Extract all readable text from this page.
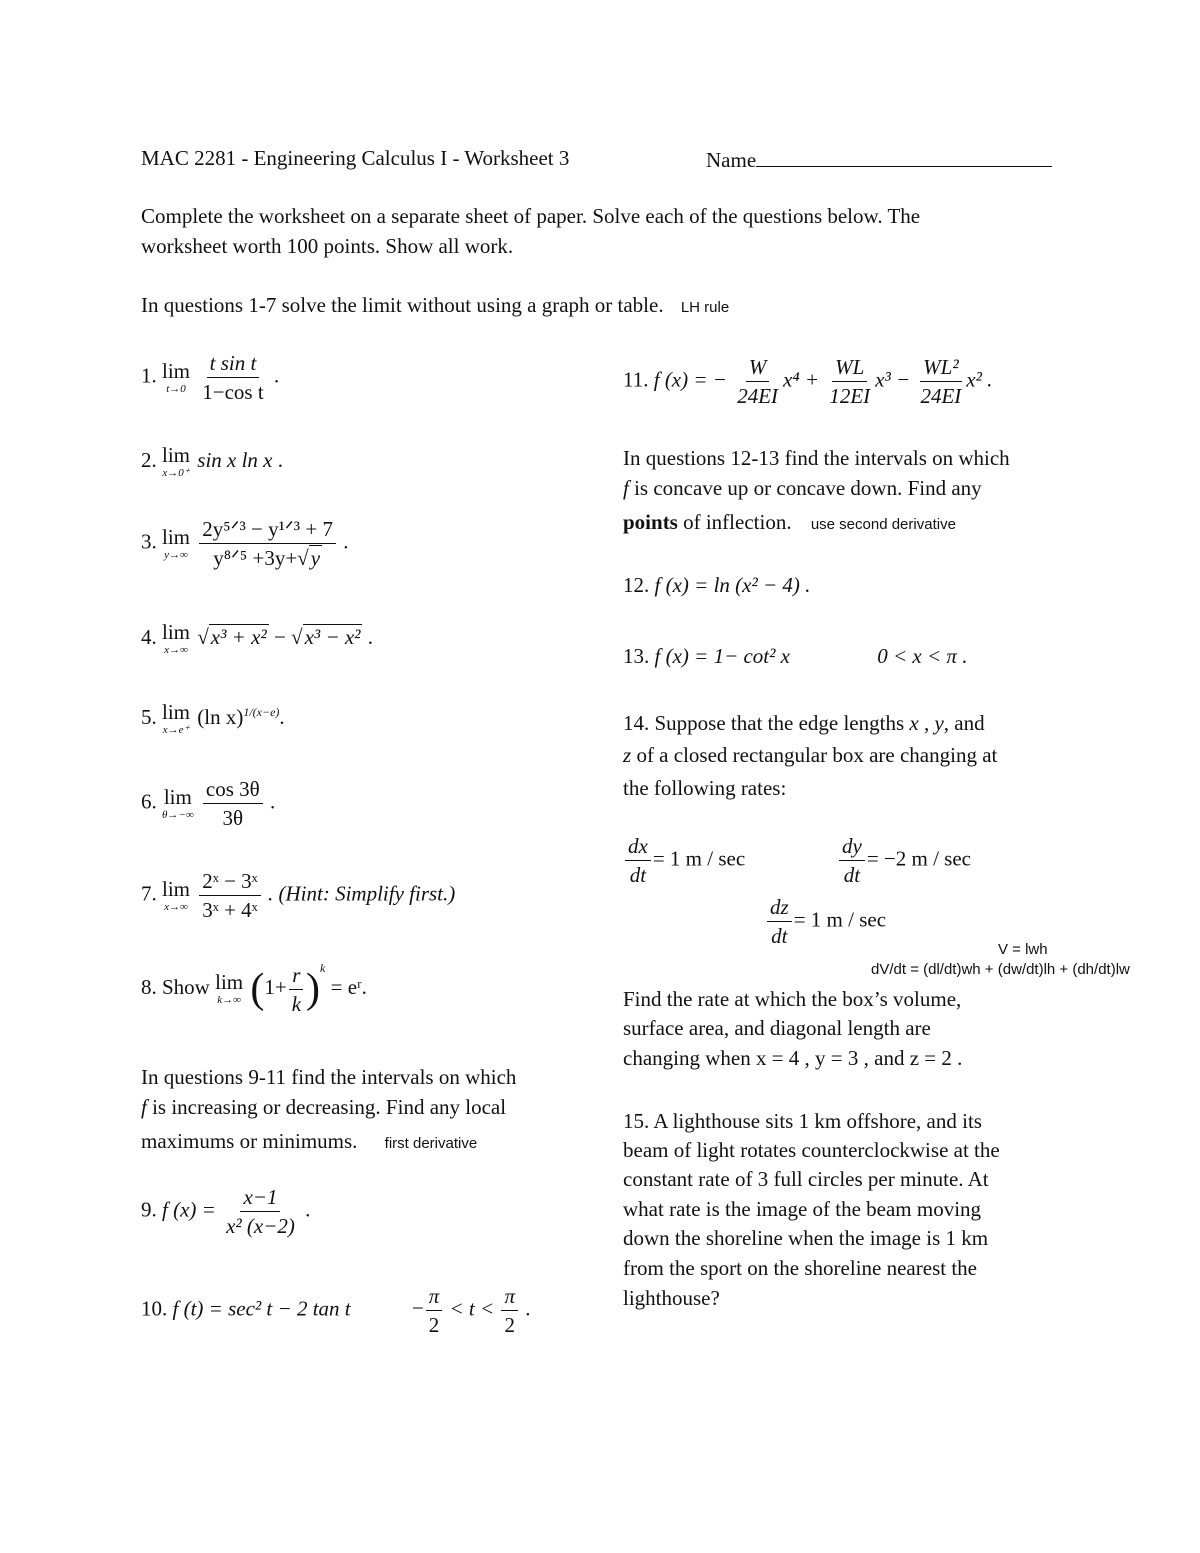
MAC 2281 - Engineering Calculus I - Worksheet 3	Name
Complete the worksheet on a separate sheet of paper. Solve each of the questions below. The
worksheet worth 100 points. Show all work.
In questions 1-7 solve the limit without using a graph or table. LH rule
1. lim
t→0
$\frac{\text{t sin t}}{\text{1−cos t}}$ .
2. lim
x→0⁺
sin x ln x .
3. lim
y→∞
$\frac{\text{2y⁵ᐟ³ − y¹ᐟ³ + 7}}{\text{y⁸ᐟ⁵ +3y+√y}}$ .
4. lim
x→∞
√x³ + x² − √x³ − x² .
5. lim
x→e⁺
(ln x)$^{1/(x-e)}$.
6. lim
θ→−∞
$\frac{\cos 3\theta}{3\theta}$ .
7. lim
x→∞
$\frac{\text{2ˣ − 3ˣ}}{\text{3ˣ + 4ˣ}}$ . (Hint: Simplify first.)
8. Show lim
k→∞ $(1+ \frac{r}{k} )^k$ = eʳ.
In questions 9-11 find the intervals on which
f is increasing or decreasing. Find any local
maximums or minimums. first derivative
9. f $(x) = \frac{x-1}{\text{x² (x−2)}}$ .
10. f (t) = sec² t − 2 tan t	− $\frac{\pi}{2} < t < \frac{\pi}{2}$ .
11. f (x) = − $\frac{W}{24EI} x^4 + \frac{WL}{12EI} x^3 - \frac{\text{WL²}}{24EI} x^2$ .
In questions 12-13 find the intervals on which
f is concave up or concave down. Find any
points of inflection. use second derivative
12. f (x) = ln (x² − 4) .
13. f (x) = 1− cot² x	0 < x < π .
14. Suppose that the edge lengths x , y, and
z of a closed rectangular box are changing at
the following rates:
$\frac{dx}{dt} = 1$ m / sec	$\frac{dy}{dt} = -2$ m / sec
$\frac{dz}{dt} = 1$ m / sec
V = lwh
dV/dt = (dl/dt)wh + (dw/dt)lh + (dh/dt)lw
Find the rate at which the box’s volume,
surface area, and diagonal length are
changing when x = 4 , y = 3 , and z = 2 .
15. A lighthouse sits 1 km offshore, and its
beam of light rotates counterclockwise at the
constant rate of 3 full circles per minute. At
what rate is the image of the beam moving
down the shoreline when the image is 1 km
from the sport on the shoreline nearest the
lighthouse?
